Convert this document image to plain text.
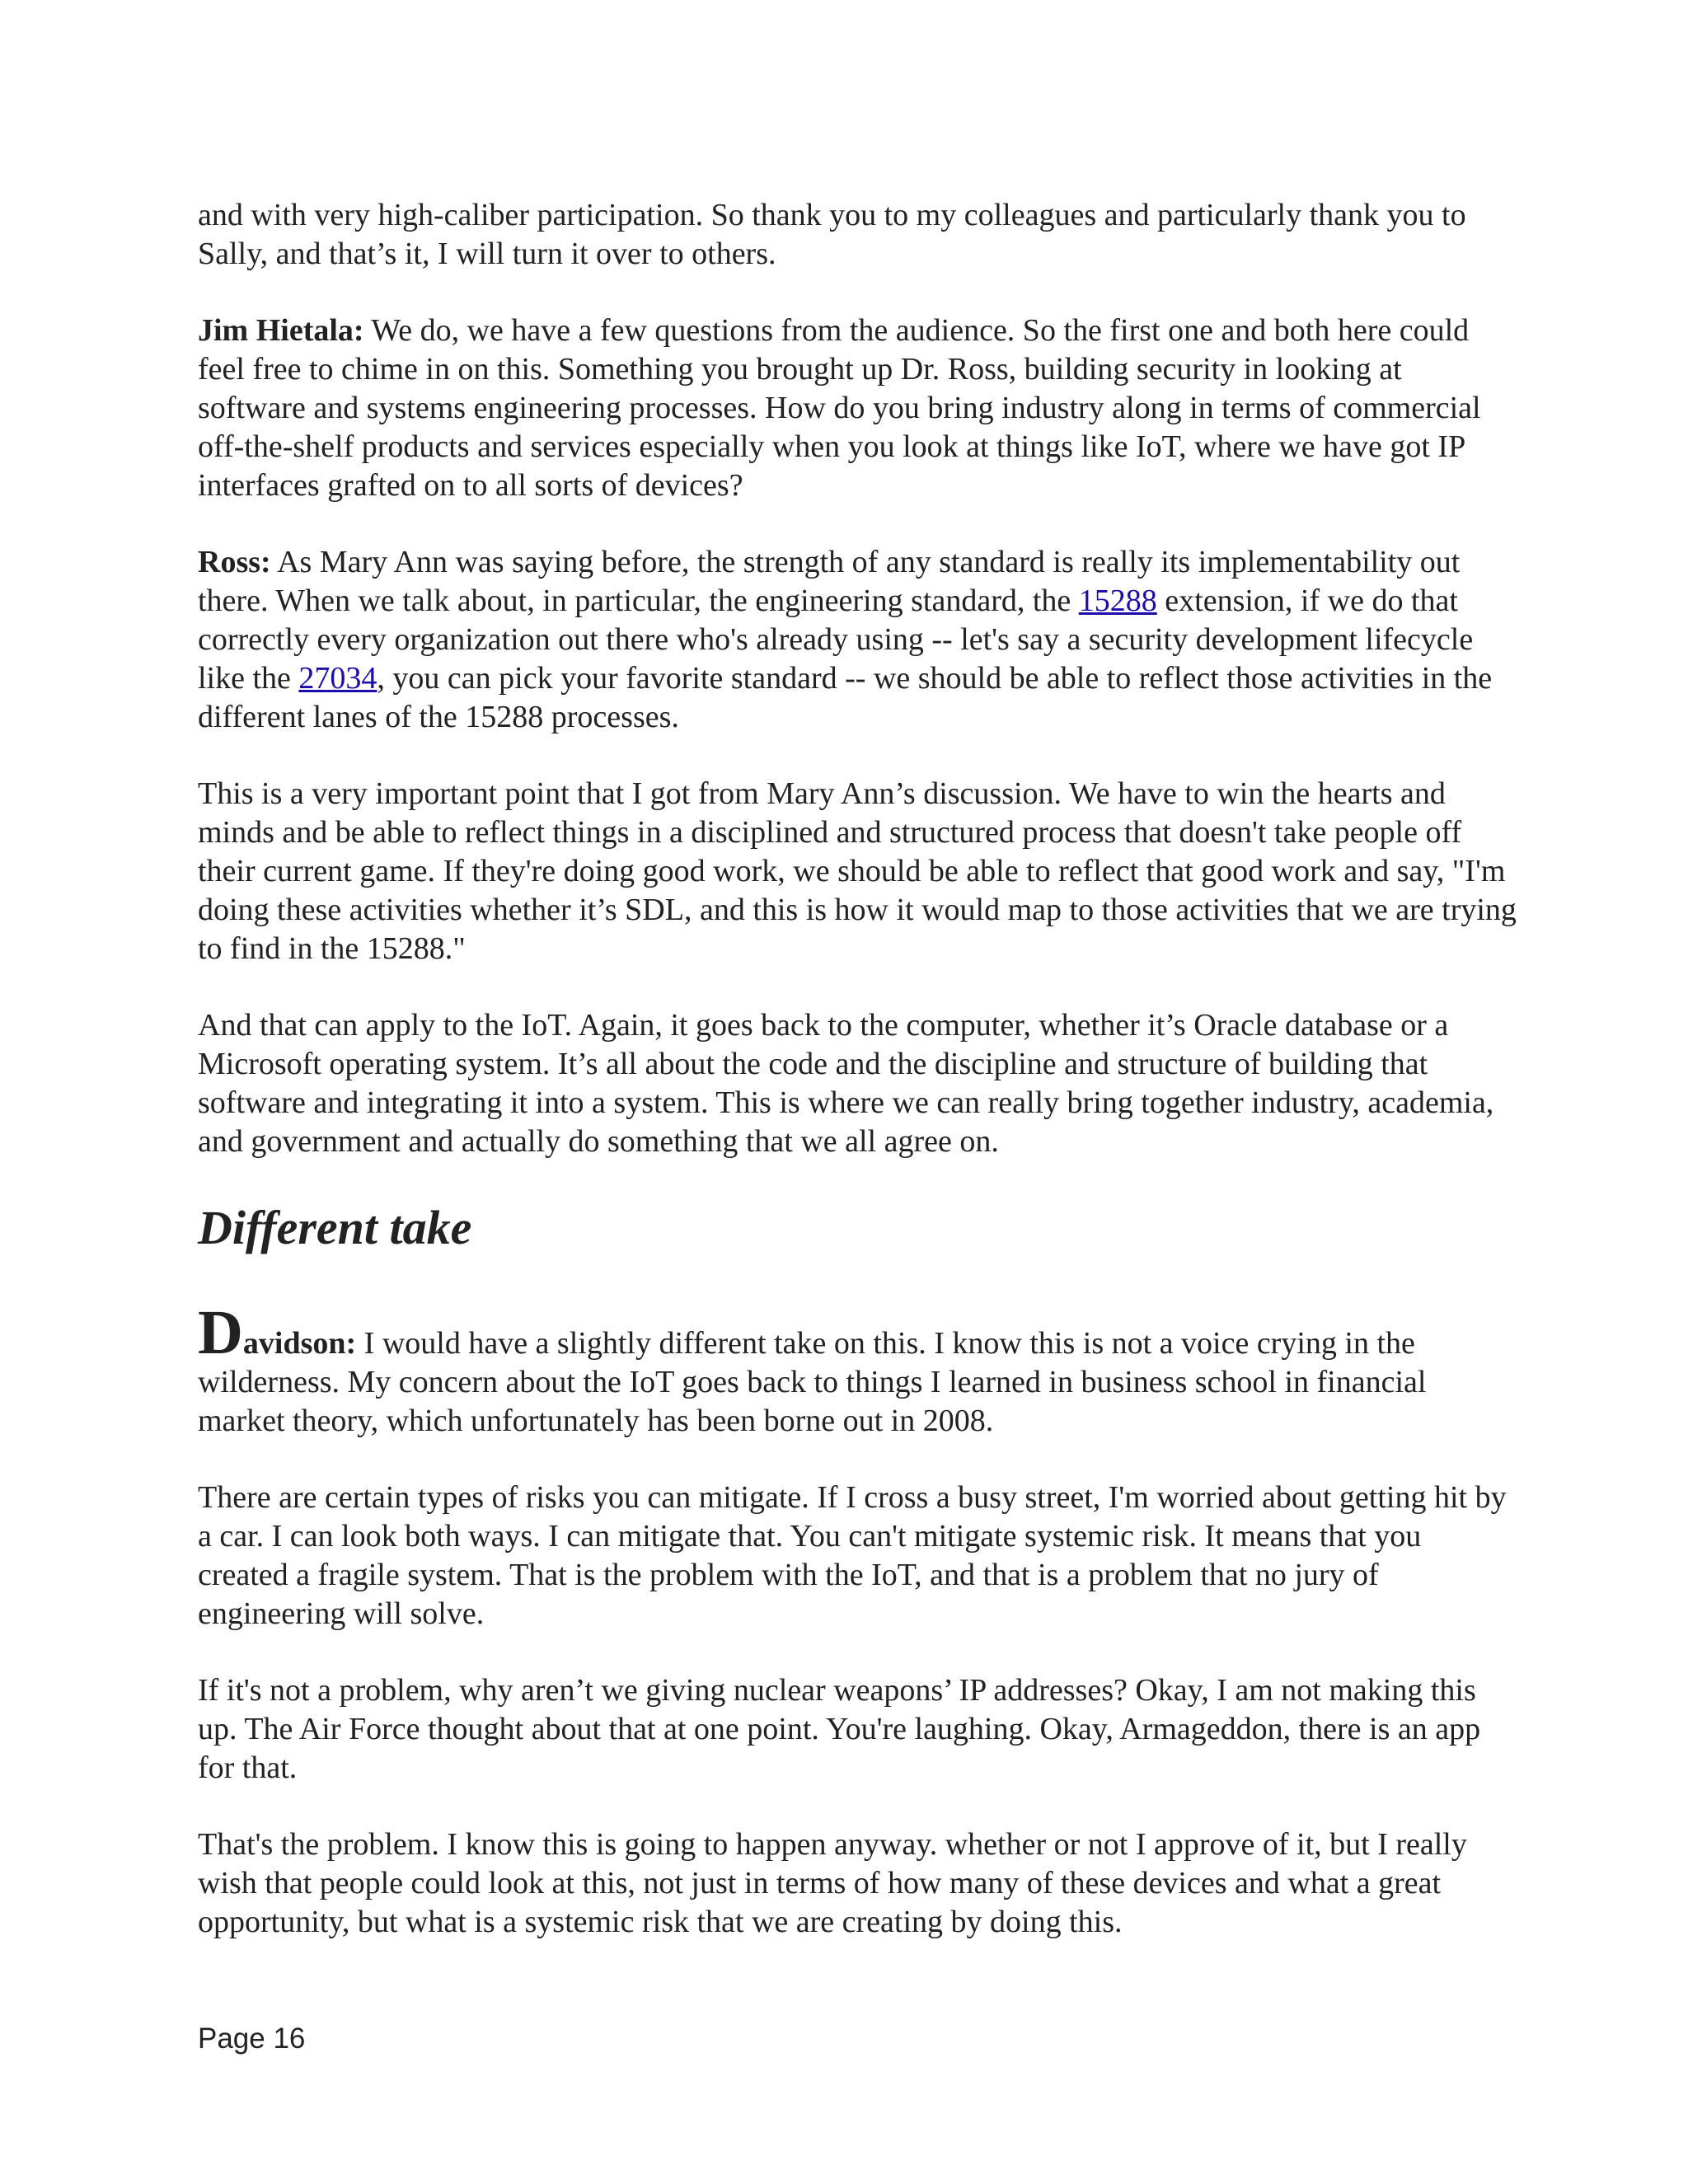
and with very high-caliber participation. So thank you to my colleagues and particularly thank you to Sally, and that’s it, I will turn it over to others.

Jim Hietala: We do, we have a few questions from the audience. So the first one and both here could feel free to chime in on this. Something you brought up Dr. Ross, building security in looking at software and systems engineering processes. How do you bring industry along in terms of commercial off-the-shelf products and services especially when you look at things like IoT, where we have got IP interfaces grafted on to all sorts of devices?

Ross: As Mary Ann was saying before, the strength of any standard is really its implementability out there. When we talk about, in particular, the engineering standard, the 15288 extension, if we do that correctly every organization out there who's already using -- let's say a security development lifecycle like the 27034, you can pick your favorite standard -- we should be able to reflect those activities in the different lanes of the 15288 processes.

This is a very important point that I got from Mary Ann’s discussion. We have to win the hearts and minds and be able to reflect things in a disciplined and structured process that doesn't take people off their current game. If they're doing good work, we should be able to reflect that good work and say, "I'm doing these activities whether it’s SDL, and this is how it would map to those activities that we are trying to find in the 15288."

And that can apply to the IoT. Again, it goes back to the computer, whether it’s Oracle database or a Microsoft operating system. It’s all about the code and the discipline and structure of building that software and integrating it into a system. This is where we can really bring together industry, academia, and government and actually do something that we all agree on.

Different take

Davidson: I would have a slightly different take on this. I know this is not a voice crying in the wilderness. My concern about the IoT goes back to things I learned in business school in financial market theory, which unfortunately has been borne out in 2008.

There are certain types of risks you can mitigate. If I cross a busy street, I'm worried about getting hit by a car. I can look both ways. I can mitigate that. You can't mitigate systemic risk. It means that you created a fragile system. That is the problem with the IoT, and that is a problem that no jury of engineering will solve.

If it's not a problem, why aren’t we giving nuclear weapons’ IP addresses? Okay, I am not making this up. The Air Force thought about that at one point. You're laughing. Okay, Armageddon, there is an app for that.

That's the problem. I know this is going to happen anyway. whether or not I approve of it, but I really wish that people could look at this, not just in terms of how many of these devices and what a great opportunity, but what is a systemic risk that we are creating by doing this.

Page 16
